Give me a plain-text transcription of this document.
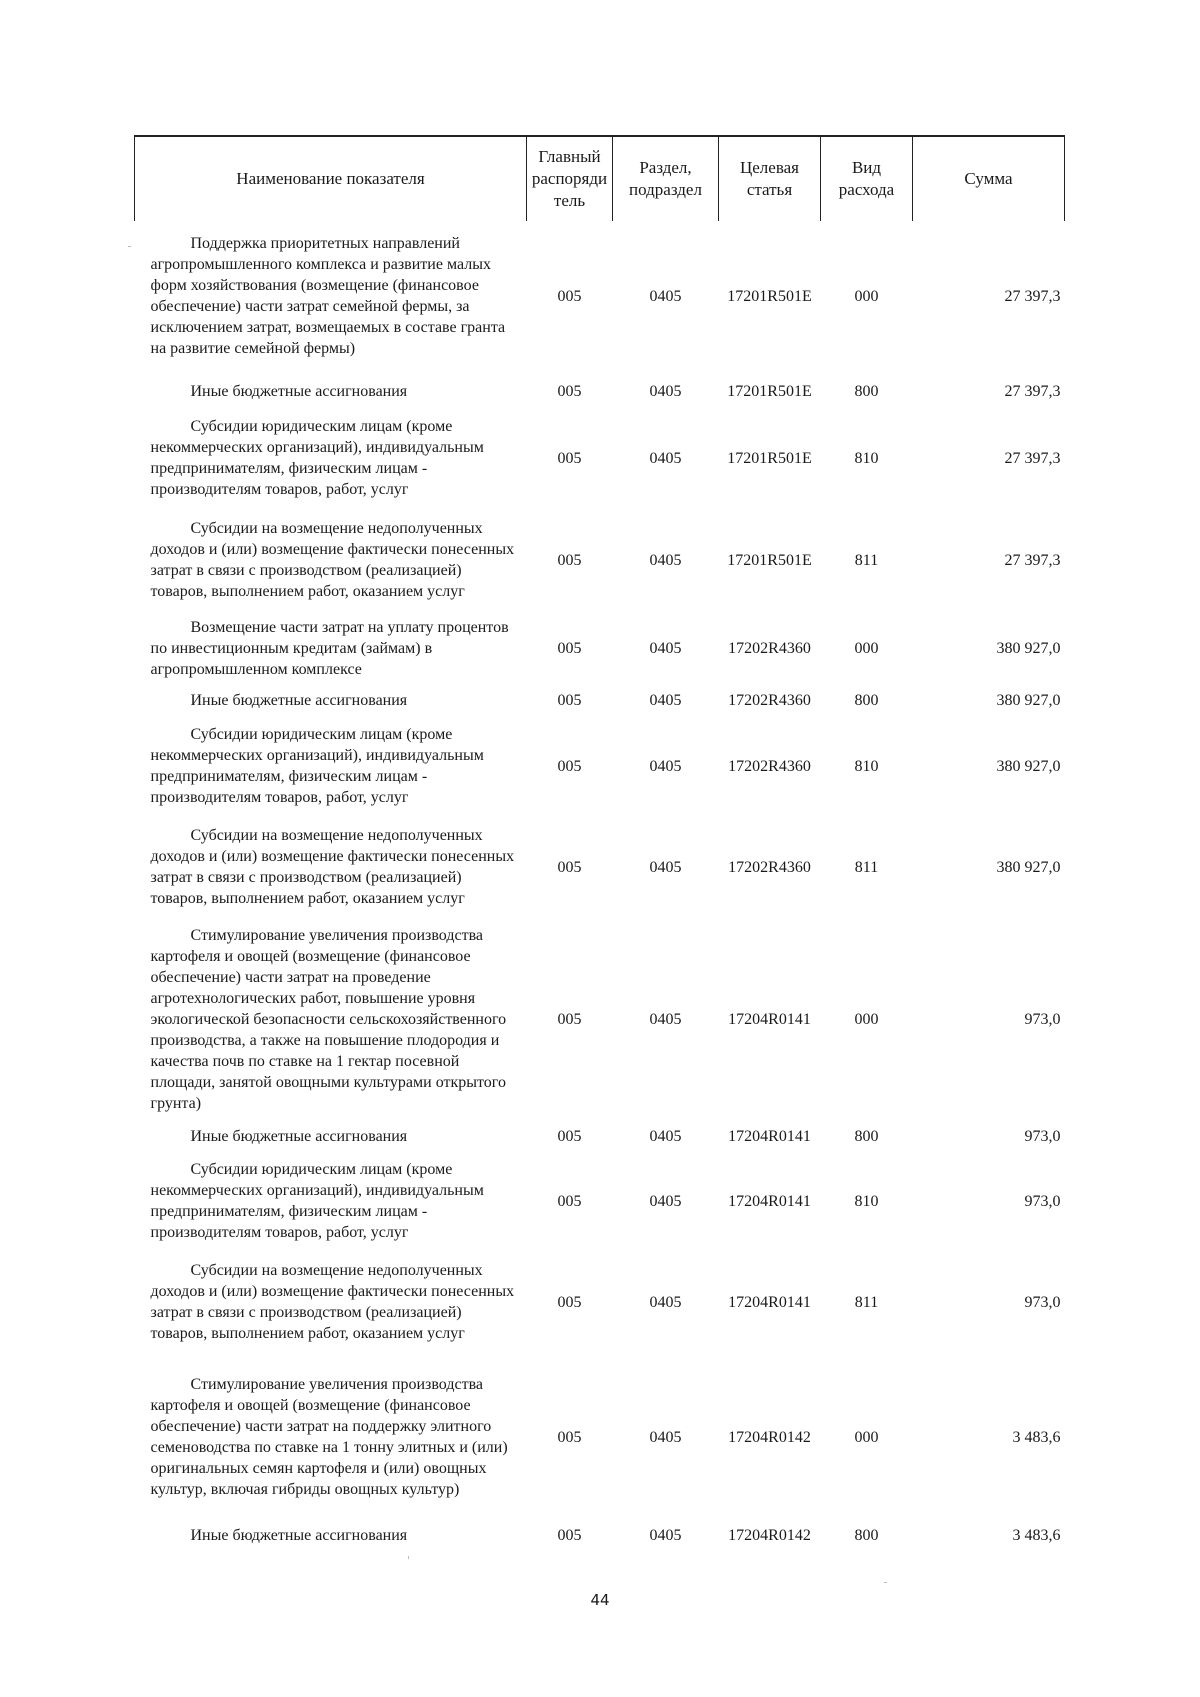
Наименование показателя	Главный распоряди тель	Раздел, подраздел	Целевая статья	Вид расхода	Сумма

Поддержка приоритетных направлений агропромышленного комплекса и развитие малых форм хозяйствования (возмещение (финансовое обеспечение) части затрат семейной фермы, за исключением затрат, возмещаемых в составе гранта на развитие семейной фермы)	005	0405	17201R501E	000	27 397,3

Иные бюджетные ассигнования	005	0405	17201R501E	800	27 397,3

Субсидии юридическим лицам (кроме некоммерческих организаций), индивидуальным предпринимателям, физическим лицам - производителям товаров, работ, услуг	005	0405	17201R501E	810	27 397,3

Субсидии на возмещение недополученных доходов и (или) возмещение фактически понесенных затрат в связи с производством (реализацией) товаров, выполнением работ, оказанием услуг	005	0405	17201R501E	811	27 397,3

Возмещение части затрат на уплату процентов по инвестиционным кредитам (займам) в агропромышленном комплексе	005	0405	17202R4360	000	380 927,0

Иные бюджетные ассигнования	005	0405	17202R4360	800	380 927,0

Субсидии юридическим лицам (кроме некоммерческих организаций), индивидуальным предпринимателям, физическим лицам - производителям товаров, работ, услуг	005	0405	17202R4360	810	380 927,0

Субсидии на возмещение недополученных доходов и (или) возмещение фактически понесенных затрат в связи с производством (реализацией) товаров, выполнением работ, оказанием услуг	005	0405	17202R4360	811	380 927,0

Стимулирование увеличения производства картофеля и овощей (возмещение (финансовое обеспечение) части затрат на проведение агротехнологических работ, повышение уровня экологической безопасности сельскохозяйственного производства, а также на повышение плодородия и качества почв по ставке на 1 гектар посевной площади, занятой овощными культурами открытого грунта)	005	0405	17204R0141	000	973,0

Иные бюджетные ассигнования	005	0405	17204R0141	800	973,0

Субсидии юридическим лицам (кроме некоммерческих организаций), индивидуальным предпринимателям, физическим лицам - производителям товаров, работ, услуг	005	0405	17204R0141	810	973,0

Субсидии на возмещение недополученных доходов и (или) возмещение фактически понесенных затрат в связи с производством (реализацией) товаров, выполнением работ, оказанием услуг	005	0405	17204R0141	811	973,0

Стимулирование увеличения производства картофеля и овощей (возмещение (финансовое обеспечение) части затрат на поддержку элитного семеноводства по ставке на 1 тонну элитных и (или) оригинальных семян картофеля и (или) овощных культур, включая гибриды овощных культур)	005	0405	17204R0142	000	3 483,6

Иные бюджетные ассигнования	005	0405	17204R0142	800	3 483,6
44
